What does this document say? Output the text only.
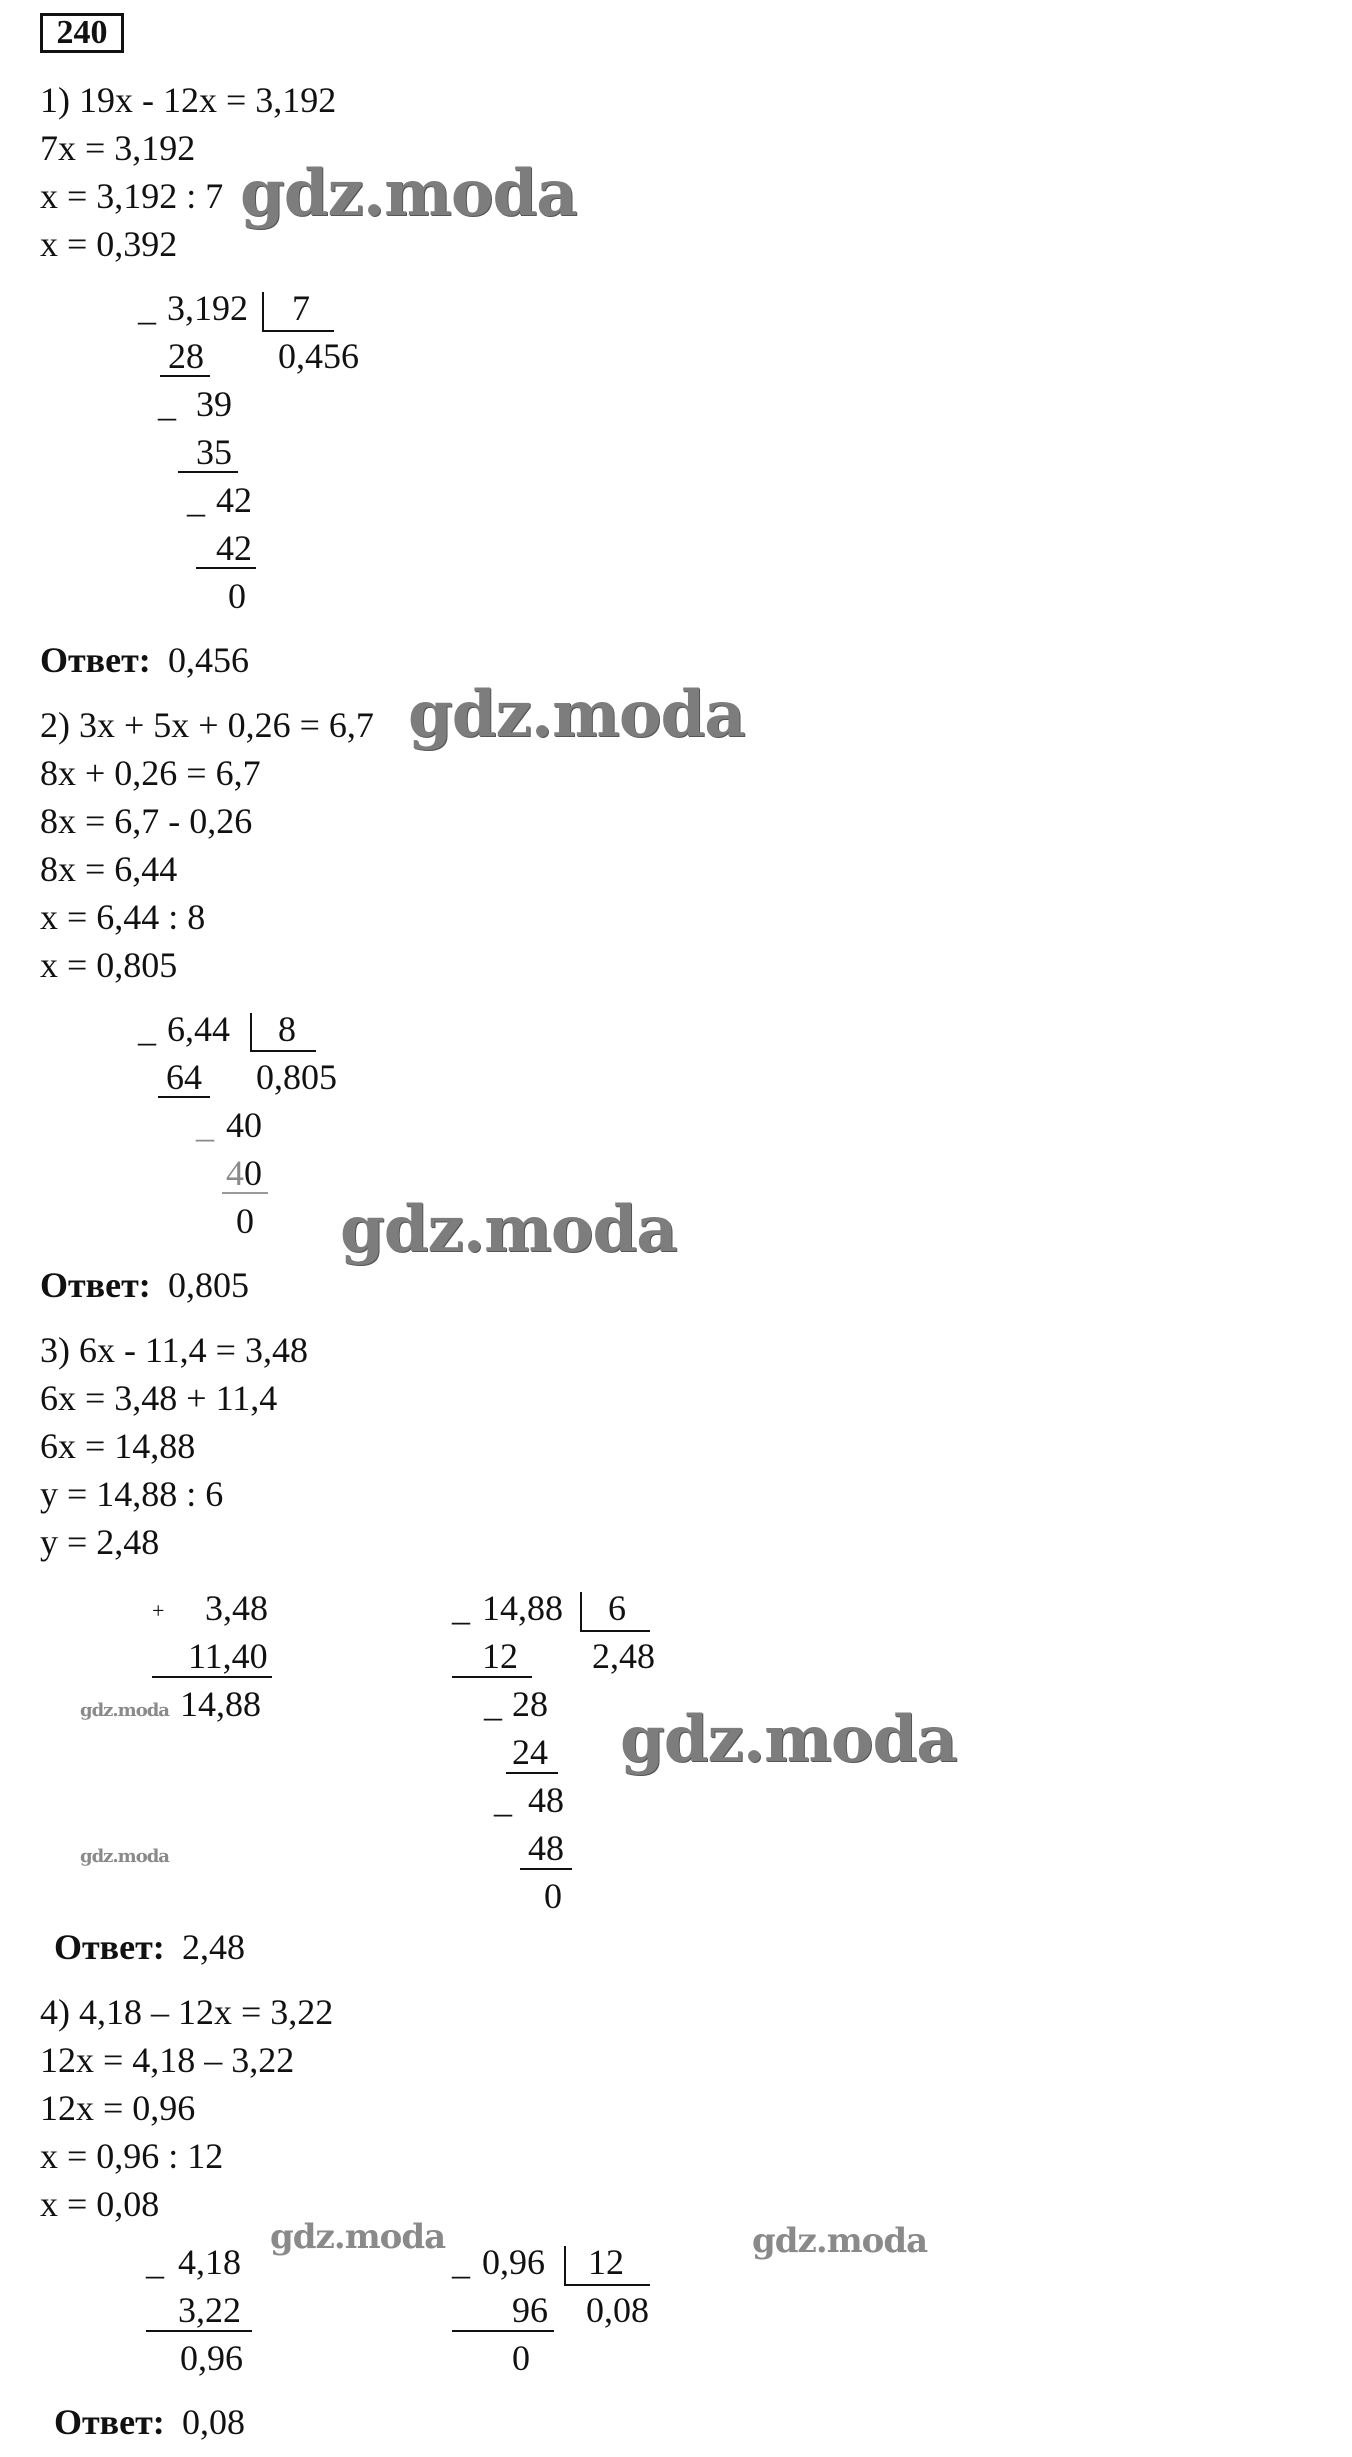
240
1) 19x - 12x = 3,192
7x = 3,192
x = 3,192 : 7
x = 0,392
_ 3,192 7
28 0,456
_ 39
35
_ 42
42
0
Ответ: 0,456
2) 3x + 5x + 0,26 = 6,7
8x + 0,26 = 6,7
8x = 6,7 - 0,26
8x = 6,44
x = 6,44 : 8
x = 0,805
_ 6,44 8
64 0,805
_ 40
4 0
0
Ответ: 0,805
3) 6x - 11,4 = 3,48
6x = 3,48 + 11,4
6x = 14,88
y = 14,88 : 6
y = 2,48
+ 3,48
11,40
14,88
_ 14,88 6
12 2,48
_ 28
24
_ 48
48
0
Ответ: 2,48
4) 4,18 – 12x = 3,22
12x = 4,18 – 3,22
12x = 0,96
x = 0,96 : 12
x = 0,08
_ 4,18
3,22
0,96
_ 0,96 12
96 0,08
0
Ответ: 0,08
gdz.moda
gdz.moda
gdz.moda
gdz.moda
gdz.moda	gdz.moda
gdz.moda
gdz.moda
